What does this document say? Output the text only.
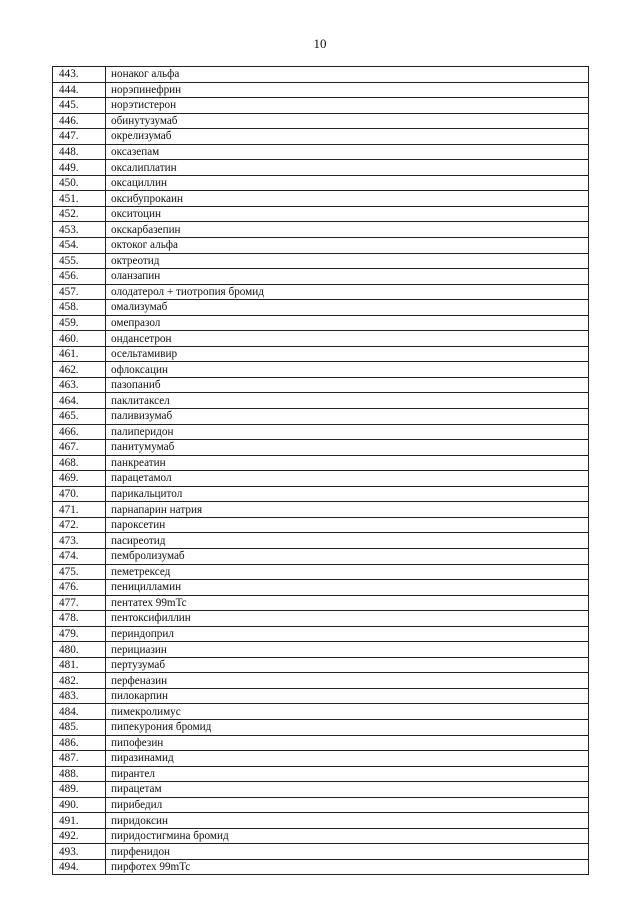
10
443.	нонаког альфа
444.	норэпинефрин
445.	норэтистерон
446.	обинутузумаб
447.	окрелизумаб
448.	оксазепам
449.	оксалиплатин
450.	оксациллин
451.	оксибупрокаин
452.	окситоцин
453.	окскарбазепин
454.	октоког альфа
455.	октреотид
456.	оланзапин
457.	олодатерол + тиотропия бромид
458.	омализумаб
459.	омепразол
460.	ондансетрон
461.	осельтамивир
462.	офлоксацин
463.	пазопаниб
464.	паклитаксел
465.	паливизумаб
466.	палиперидон
467.	панитумумаб
468.	панкреатин
469.	парацетамол
470.	парикальцитол
471.	парнапарин натрия
472.	пароксетин
473.	пасиреотид
474.	пембролизумаб
475.	пеметрексед
476.	пеницилламин
477.	пентатех 99mTc
478.	пентоксифиллин
479.	периндоприл
480.	перициазин
481.	пертузумаб
482.	перфеназин
483.	пилокарпин
484.	пимекролимус
485.	пипекурония бромид
486.	пипофезин
487.	пиразинамид
488.	пирантел
489.	пирацетам
490.	пирибедил
491.	пиридоксин
492.	пиридостигмина бромид
493.	пирфенидон
494.	пирфотех 99mTc
